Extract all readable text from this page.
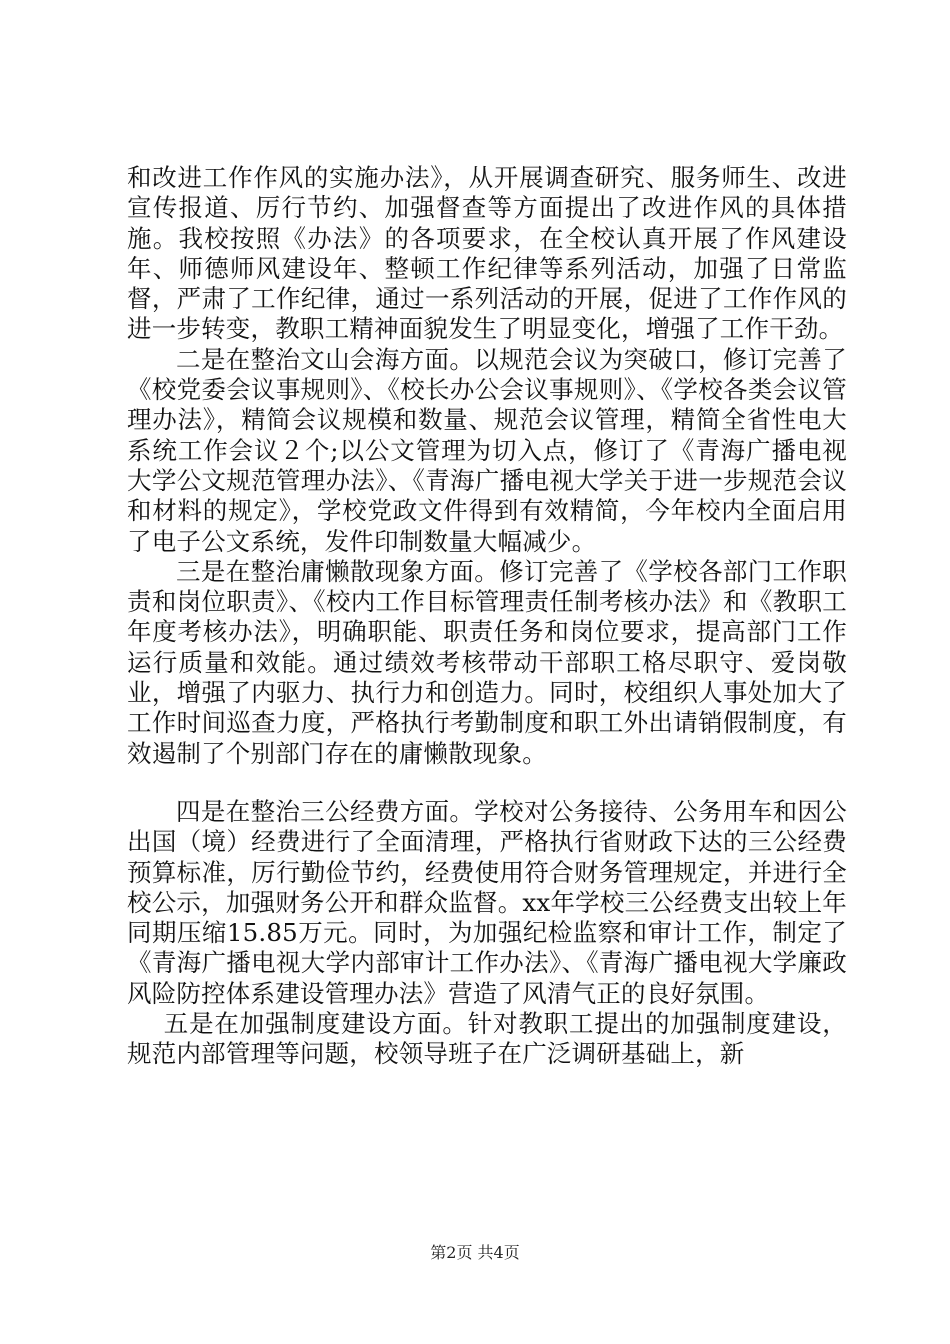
和改进工作作风的实施办法》，从开展调查研究、服务师生、改进宣传报道、厉行节约、加强督查等方面提出了改进作风的具体措施。我校按照《办法》的各项要求，在全校认真开展了作风建设年、师德师风建设年、整顿工作纪律等系列活动，加强了日常监督，严肃了工作纪律，通过一系列活动的开展，促进了工作作风的进一步转变，教职工精神面貌发生了明显变化，增强了工作干劲。

二是在整治文山会海方面。以规范会议为突破口，修订完善了《校党委会议事规则》、《校长办公会议事规则》、《学校各类会议管理办法》，精简会议规模和数量、规范会议管理，精简全省性电大系统工作会议２个;以公文管理为切入点，修订了《青海广播电视大学公文规范管理办法》、《青海广播电视大学关于进一步规范会议和材料的规定》，学校党政文件得到有效精简，今年校内全面启用了电子公文系统，发件印制数量大幅减少。

三是在整治庸懒散现象方面。修订完善了《学校各部门工作职责和岗位职责》、《校内工作目标管理责任制考核办法》和《教职工年度考核办法》，明确职能、职责任务和岗位要求，提高部门工作运行质量和效能。通过绩效考核带动干部职工格尽职守、爱岗敬业，增强了内驱力、执行力和创造力。同时，校组织人事处加大了工作时间巡查力度，严格执行考勤制度和职工外出请销假制度，有效遏制了个别部门存在的庸懒散现象。

四是在整治三公经费方面。学校对公务接待、公务用车和因公出国（境）经费进行了全面清理，严格执行省财政下达的三公经费预算标准，厉行勤俭节约，经费使用符合财务管理规定，并进行全校公示，加强财务公开和群众监督。xx年学校三公经费支出较上年同期压缩15.85万元。同时，为加强纪检监察和审计工作，制定了《青海广播电视大学内部审计工作办法》、《青海广播电视大学廉政风险防控体系建设管理办法》营造了风清气正的良好氛围。

五是在加强制度建设方面。针对教职工提出的加强制度建设，规范内部管理等问题，校领导班子在广泛调研基础上，新

第2页 共4页
